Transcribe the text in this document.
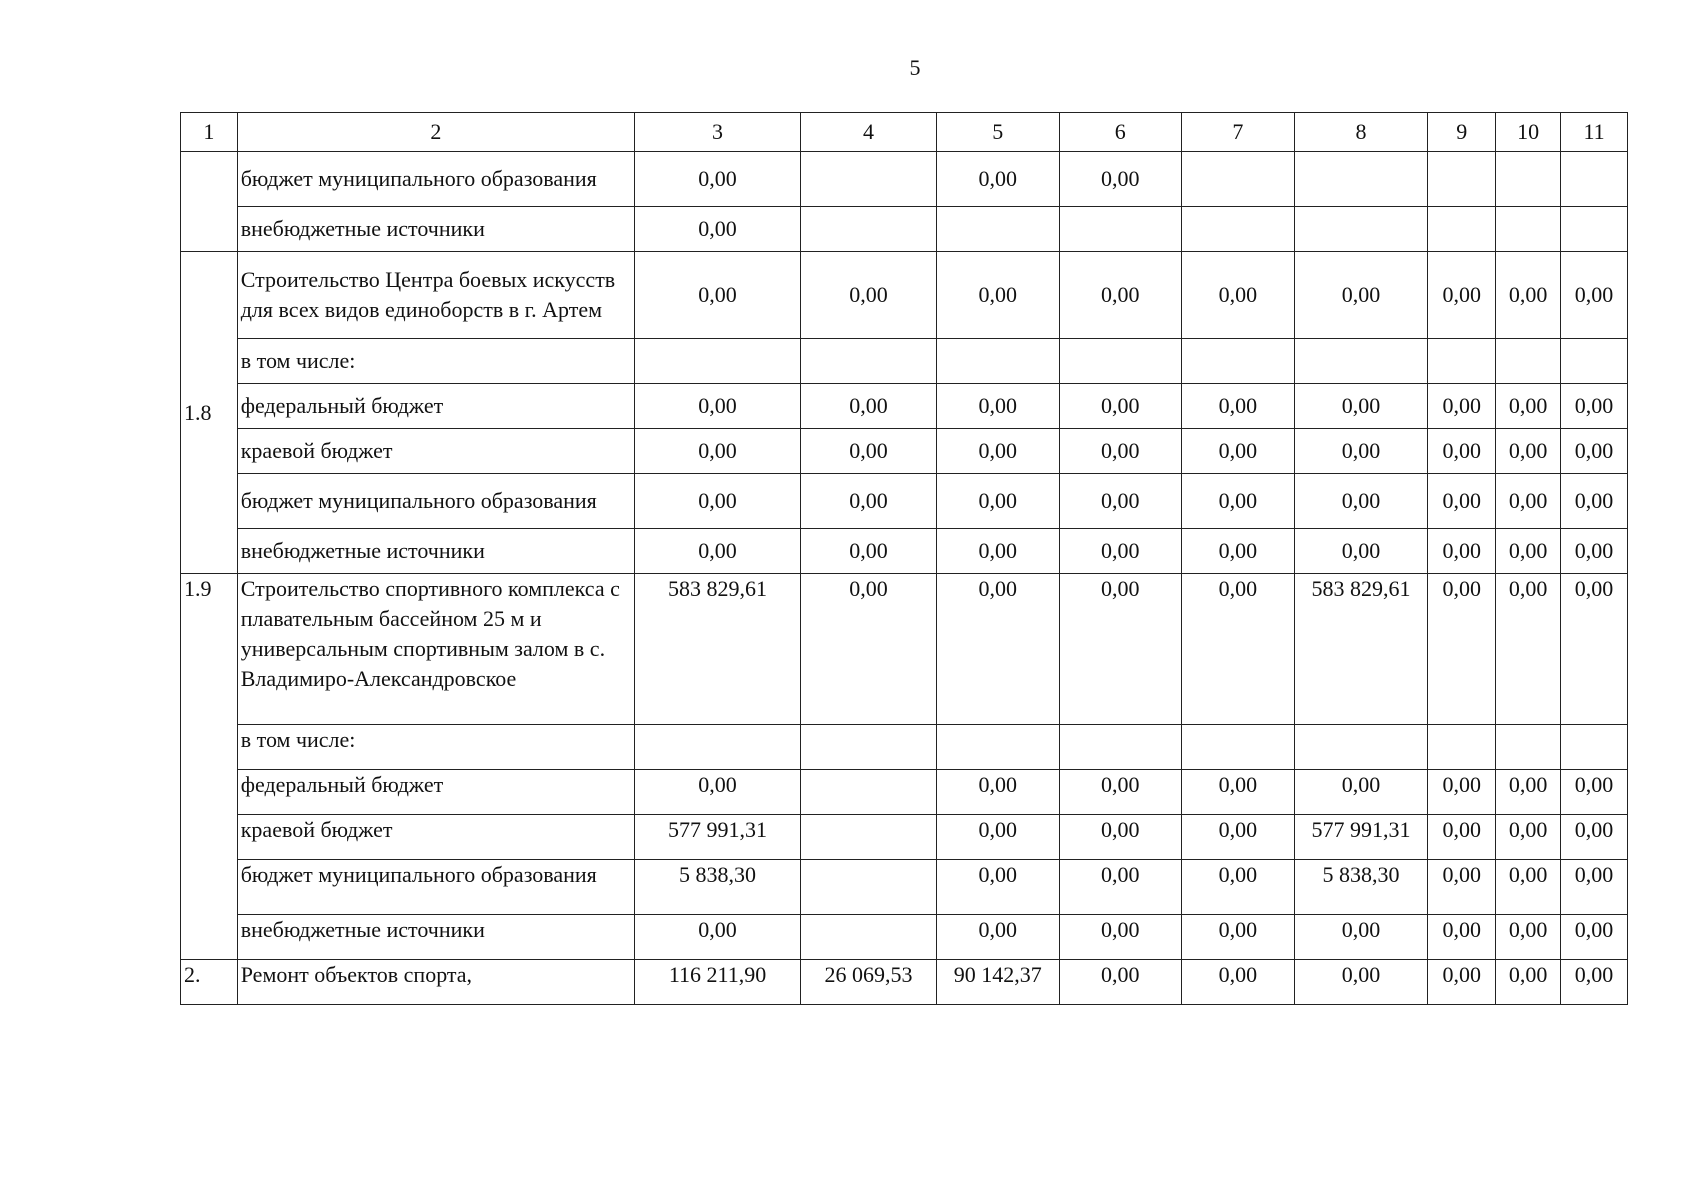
5
1	2	3	4	5	6	7	8	9	10	11
	бюджет муниципального образования	0,00		0,00	0,00					
	внебюджетные источники	0,00								
1.8	Строительство Центра боевых искусств для всех видов единоборств в г. Артем	0,00	0,00	0,00	0,00	0,00	0,00	0,00	0,00	0,00
	в том числе:									
	федеральный бюджет	0,00	0,00	0,00	0,00	0,00	0,00	0,00	0,00	0,00
	краевой бюджет	0,00	0,00	0,00	0,00	0,00	0,00	0,00	0,00	0,00
	бюджет муниципального образования	0,00	0,00	0,00	0,00	0,00	0,00	0,00	0,00	0,00
	внебюджетные источники	0,00	0,00	0,00	0,00	0,00	0,00	0,00	0,00	0,00
1.9	Строительство спортивного комплекса с плавательным бассейном 25 м и универсальным спортивным залом в с. Владимиро-Александровское	583 829,61	0,00	0,00	0,00	0,00	583 829,61	0,00	0,00	0,00
	в том числе:									
	федеральный бюджет	0,00		0,00	0,00	0,00	0,00	0,00	0,00	0,00
	краевой бюджет	577 991,31		0,00	0,00	0,00	577 991,31	0,00	0,00	0,00
	бюджет муниципального образования	5 838,30		0,00	0,00	0,00	5 838,30	0,00	0,00	0,00
	внебюджетные источники	0,00		0,00	0,00	0,00	0,00	0,00	0,00	0,00
2.	Ремонт объектов спорта,	116 211,90	26 069,53	90 142,37	0,00	0,00	0,00	0,00	0,00	0,00
